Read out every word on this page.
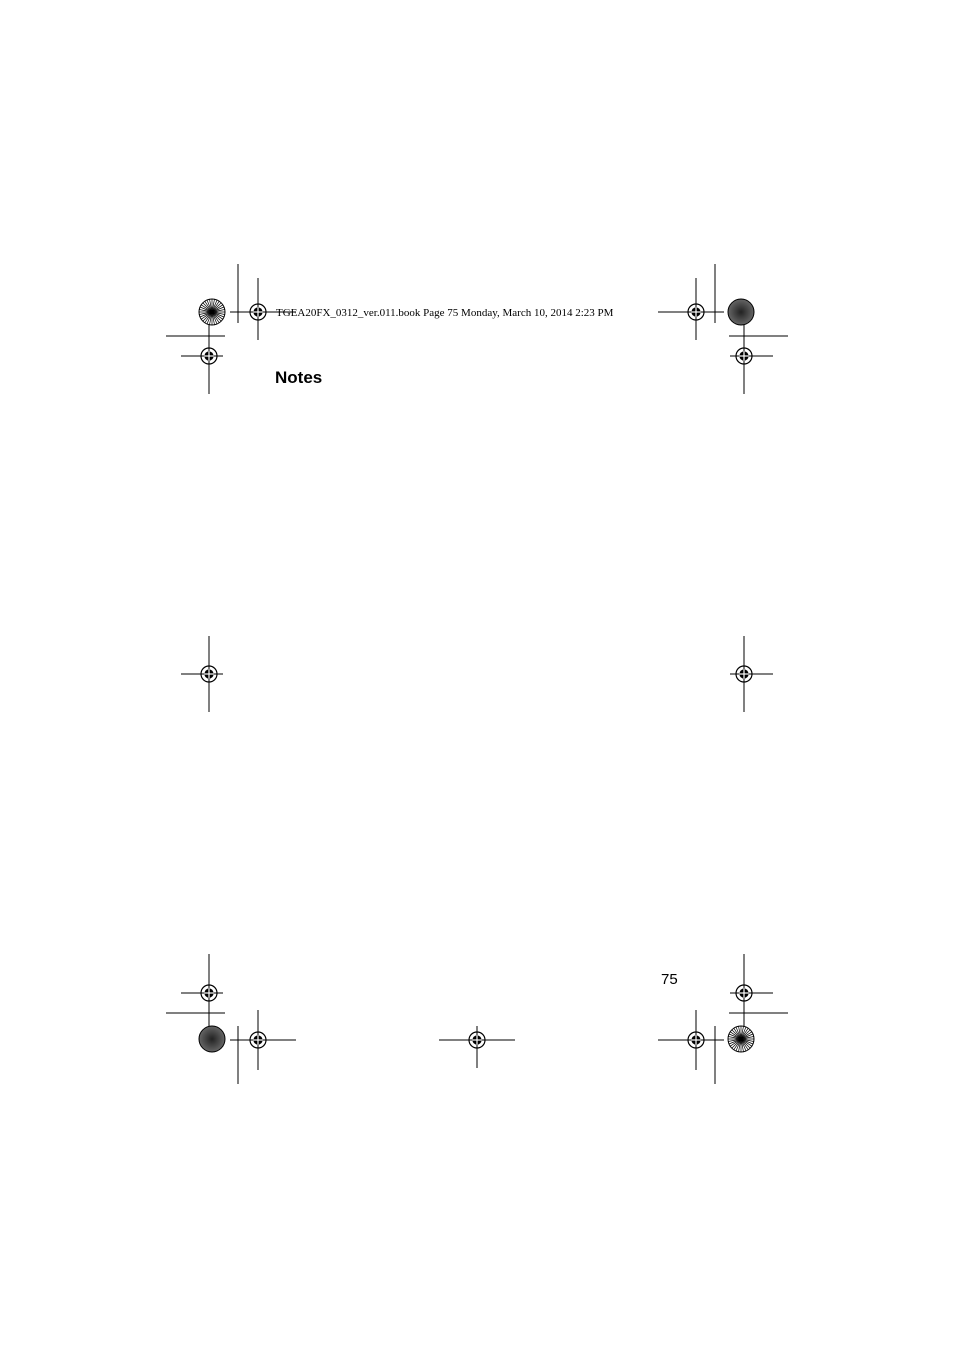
TGEA20FX_0312_ver.011.book Page 75 Monday, March 10, 2014 2:23 PM
Notes
75
